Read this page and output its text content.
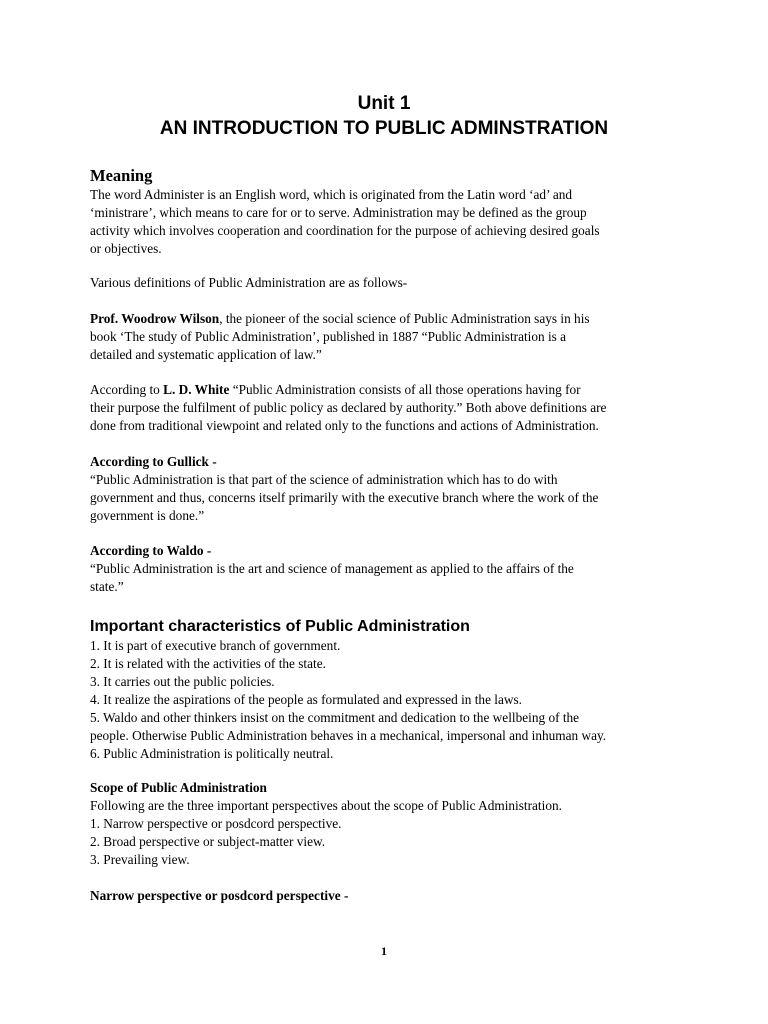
Unit 1
AN INTRODUCTION TO PUBLIC ADMINSTRATION
Meaning
The word Administer is an English word, which is originated from the Latin word ‘ad’ and
‘ministrare’, which means to care for or to serve. Administration may be defined as the group
activity which involves cooperation and coordination for the purpose of achieving desired goals
or objectives.
Various definitions of Public Administration are as follows-
Prof. Woodrow Wilson, the pioneer of the social science of Public Administration says in his
book ‘The study of Public Administration’, published in 1887 “Public Administration is a
detailed and systematic application of law.”
According to L. D. White “Public Administration consists of all those operations having for
their purpose the fulfilment of public policy as declared by authority.” Both above definitions are
done from traditional viewpoint and related only to the functions and actions of Administration.
According to Gullick -
“Public Administration is that part of the science of administration which has to do with
government and thus, concerns itself primarily with the executive branch where the work of the
government is done.”
According to Waldo -
“Public Administration is the art and science of management as applied to the affairs of the
state.”
Important characteristics of Public Administration
1. It is part of executive branch of government.
2. It is related with the activities of the state.
3. It carries out the public policies.
4. It realize the aspirations of the people as formulated and expressed in the laws.
5. Waldo and other thinkers insist on the commitment and dedication to the wellbeing of the
people. Otherwise Public Administration behaves in a mechanical, impersonal and inhuman way.
6. Public Administration is politically neutral.
Scope of Public Administration
Following are the three important perspectives about the scope of Public Administration.
1. Narrow perspective or posdcord perspective.
2. Broad perspective or subject-matter view.
3. Prevailing view.
Narrow perspective or posdcord perspective -
1
